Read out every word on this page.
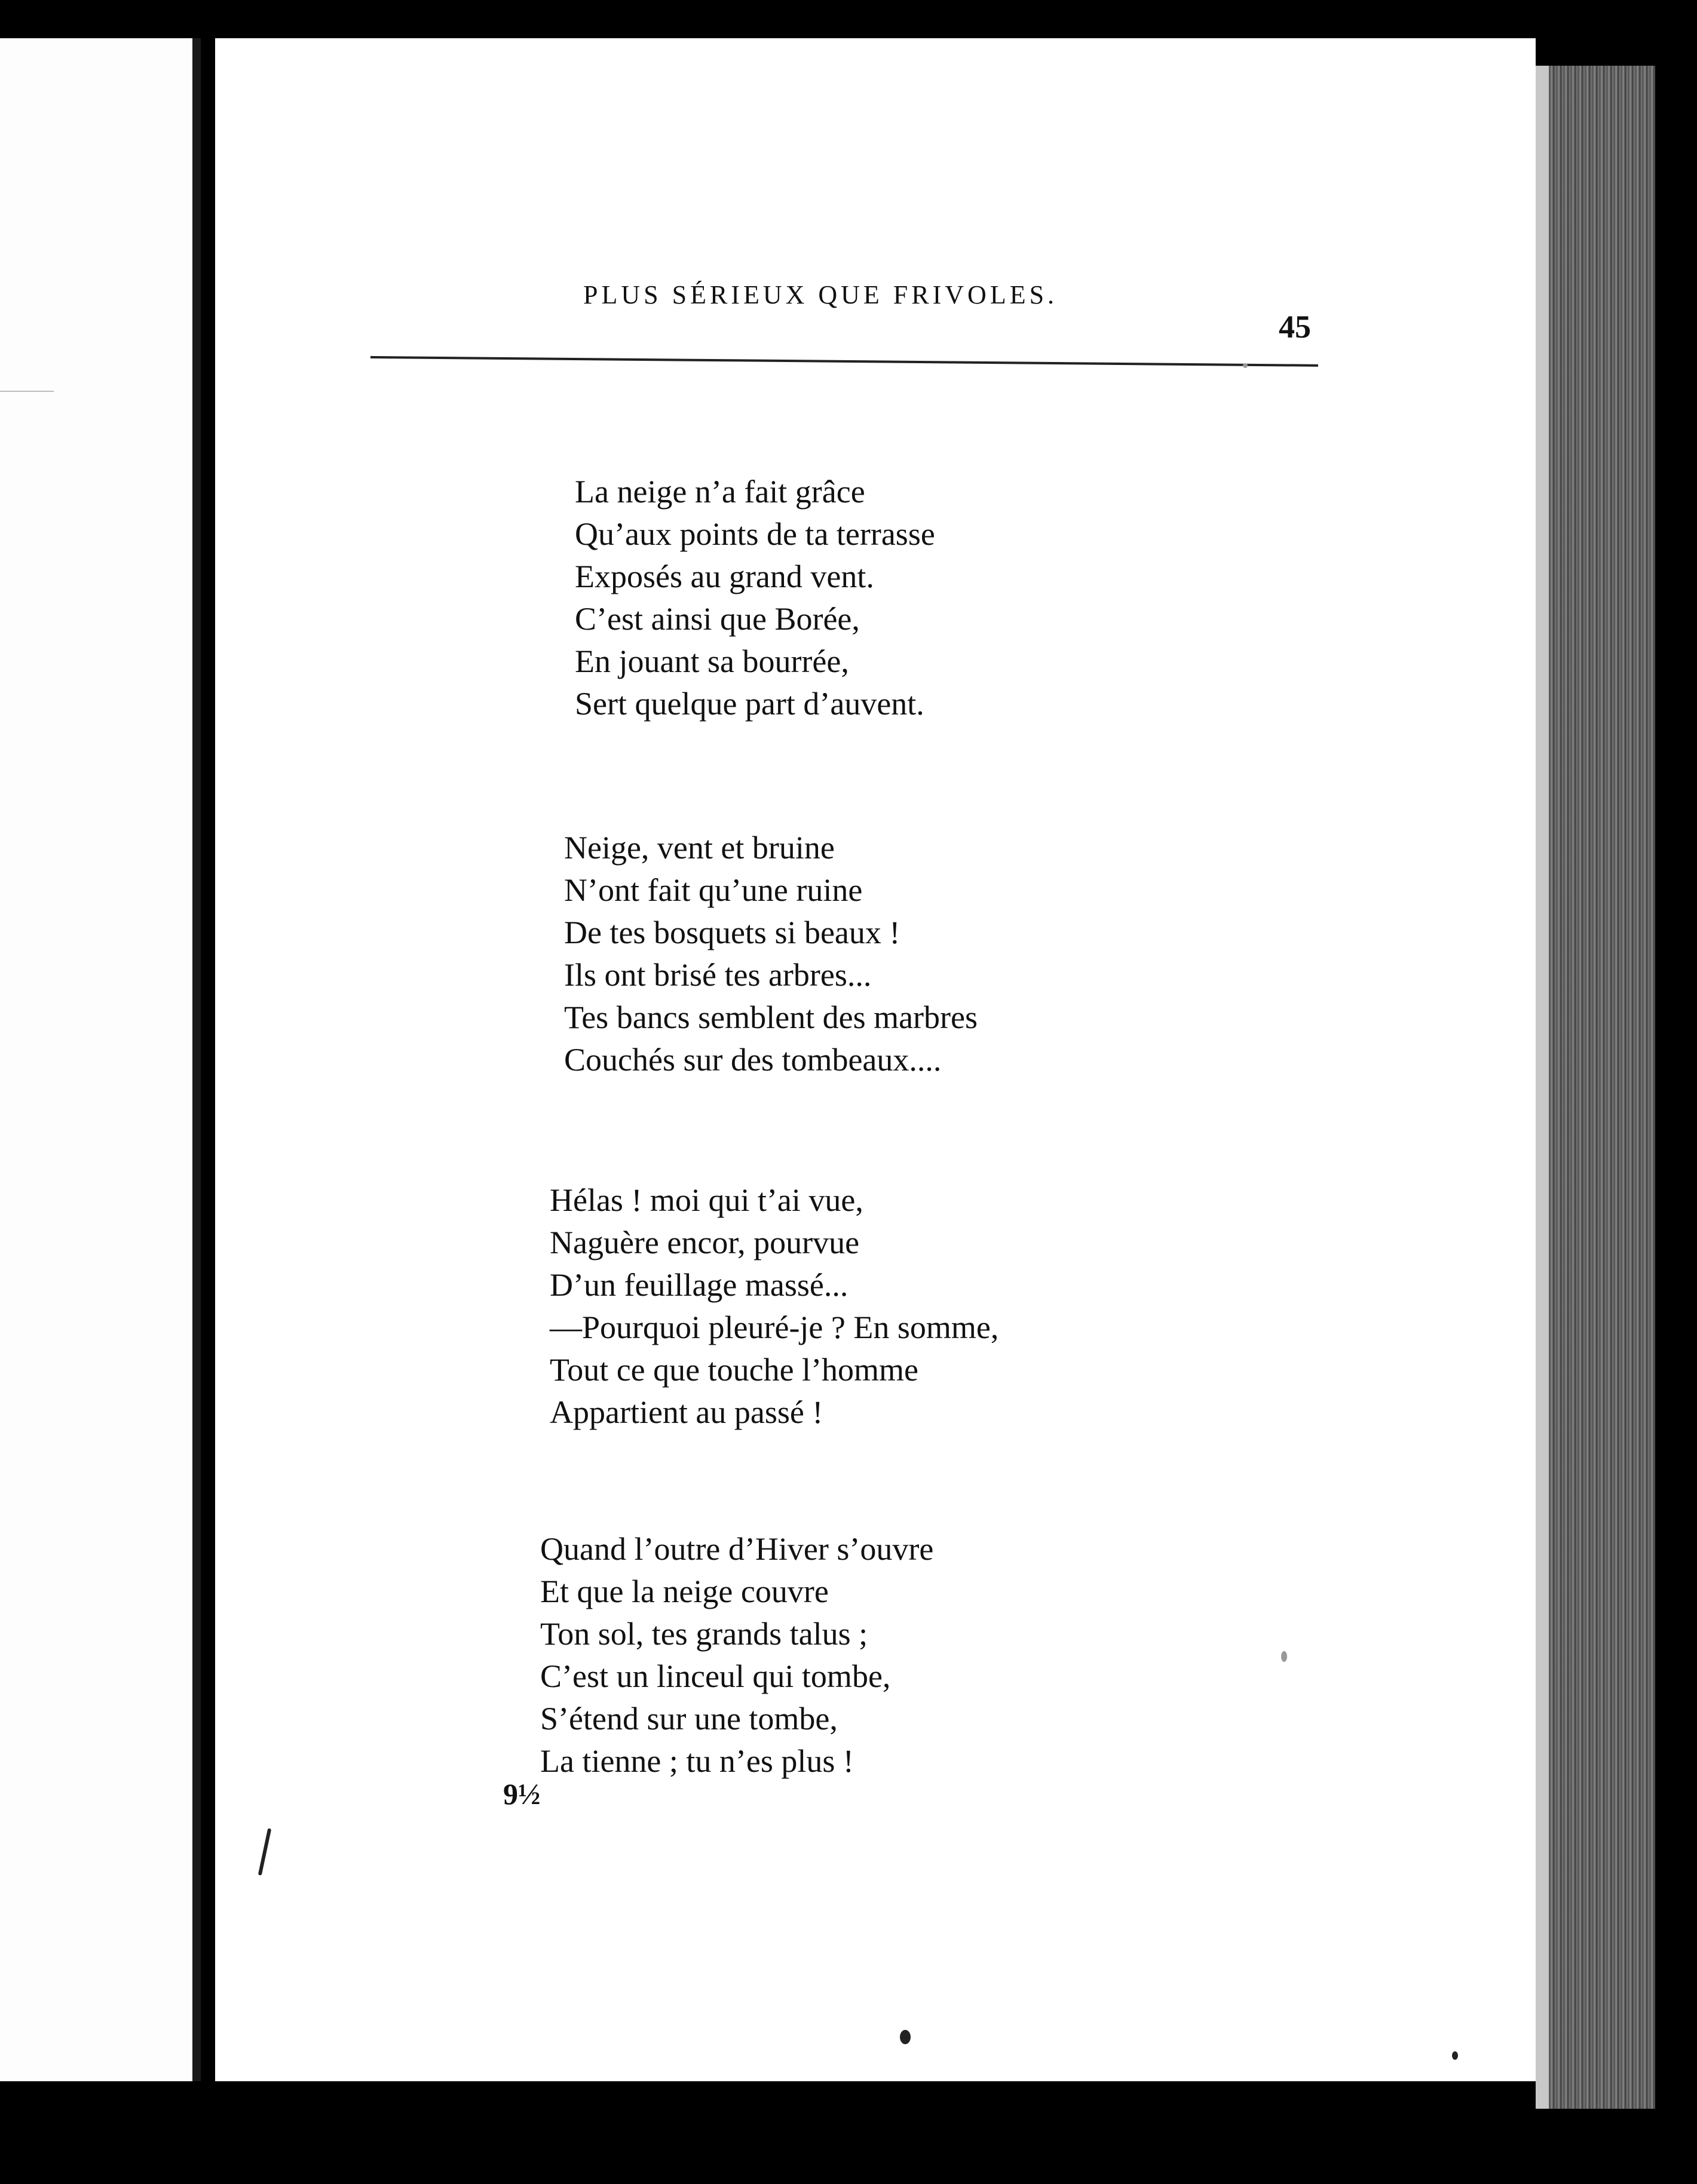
PLUS SÉRIEUX QUE FRIVOLES.
45
La neige n’a fait grâce
Qu’aux points de ta terrasse
Exposés au grand vent.
C’est ainsi que Borée,
En jouant sa bourrée,
Sert quelque part d’auvent.
Neige, vent et bruine
N’ont fait qu’une ruine
De tes bosquets si beaux !
Ils ont brisé tes arbres...
Tes bancs semblent des marbres
Couchés sur des tombeaux....
Hélas ! moi qui t’ai vue,
Naguère encor, pourvue
D’un feuillage massé...
—Pourquoi pleuré-je ? En somme,
Tout ce que touche l’homme
Appartient au passé !
Quand l’outre d’Hiver s’ouvre
Et que la neige couvre
Ton sol, tes grands talus ;
C’est un linceul qui tombe,
S’étend sur une tombe,
La tienne ; tu n’es plus !
9½
